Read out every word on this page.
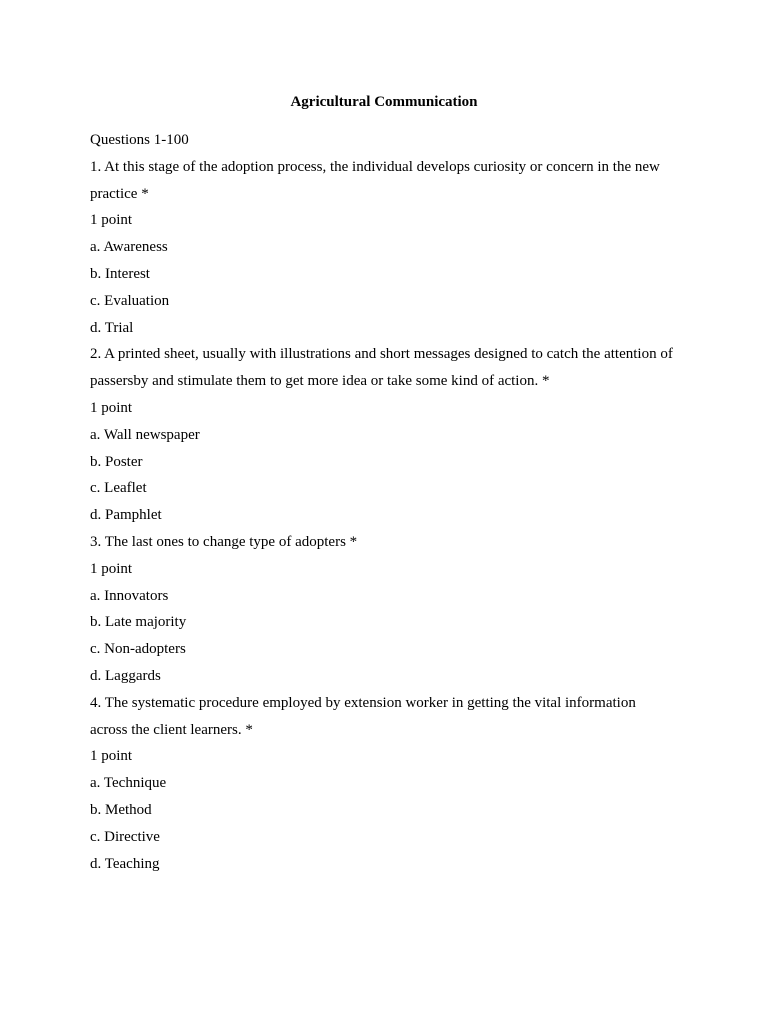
Agricultural Communication
Questions 1-100
1. At this stage of the adoption process, the individual develops curiosity or concern in the new
practice *
1 point
a. Awareness
b. Interest
c. Evaluation
d. Trial
2. A printed sheet, usually with illustrations and short messages designed to catch the attention of
passersby and stimulate them to get more idea or take some kind of action. *
1 point
a. Wall newspaper
b. Poster
c. Leaflet
d. Pamphlet
3. The last ones to change type of adopters *
1 point
a. Innovators
b. Late majority
c. Non-adopters
d. Laggards
4. The systematic procedure employed by extension worker in getting the vital information
across the client learners. *
1 point
a. Technique
b. Method
c. Directive
d. Teaching
